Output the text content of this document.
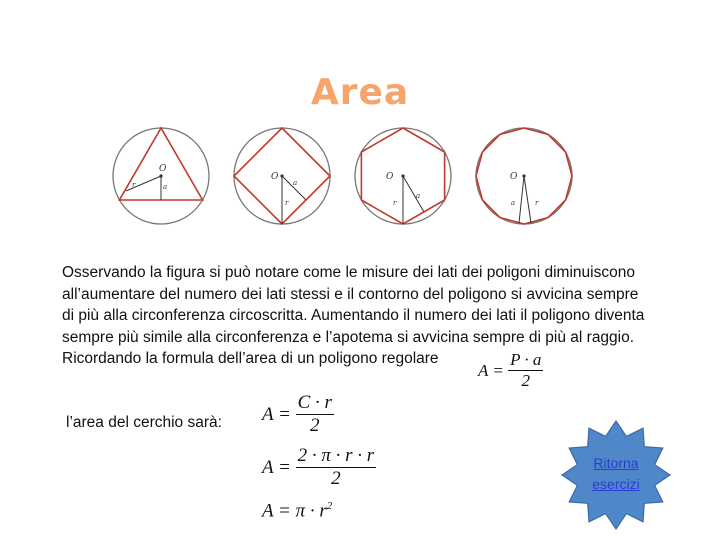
Area
O
r	a
O
r
a
O
r
a
O
r
a
Osservando la figura si può notare come le misure dei lati dei poligoni diminuiscono
all’aumentare del numero dei lati stessi e il contorno del poligono si avvicina sempre
di più alla circonferenza circoscritta. Aumentando il numero dei lati il poligono diventa
sempre più simile alla circonferenza e l’apotema si avvicina sempre di più al raggio.
Ricordando la formula dell’area di un poligono regolare
$A = \frac{P \cdot a}{2}$
l’area del cerchio sarà: $A = \frac{C \cdot r}{2}$
$A = \frac{2 \cdot \pi \cdot r \cdot r}{2}$
$A = \pi \cdot r^2$
Ritorna
esercizi
